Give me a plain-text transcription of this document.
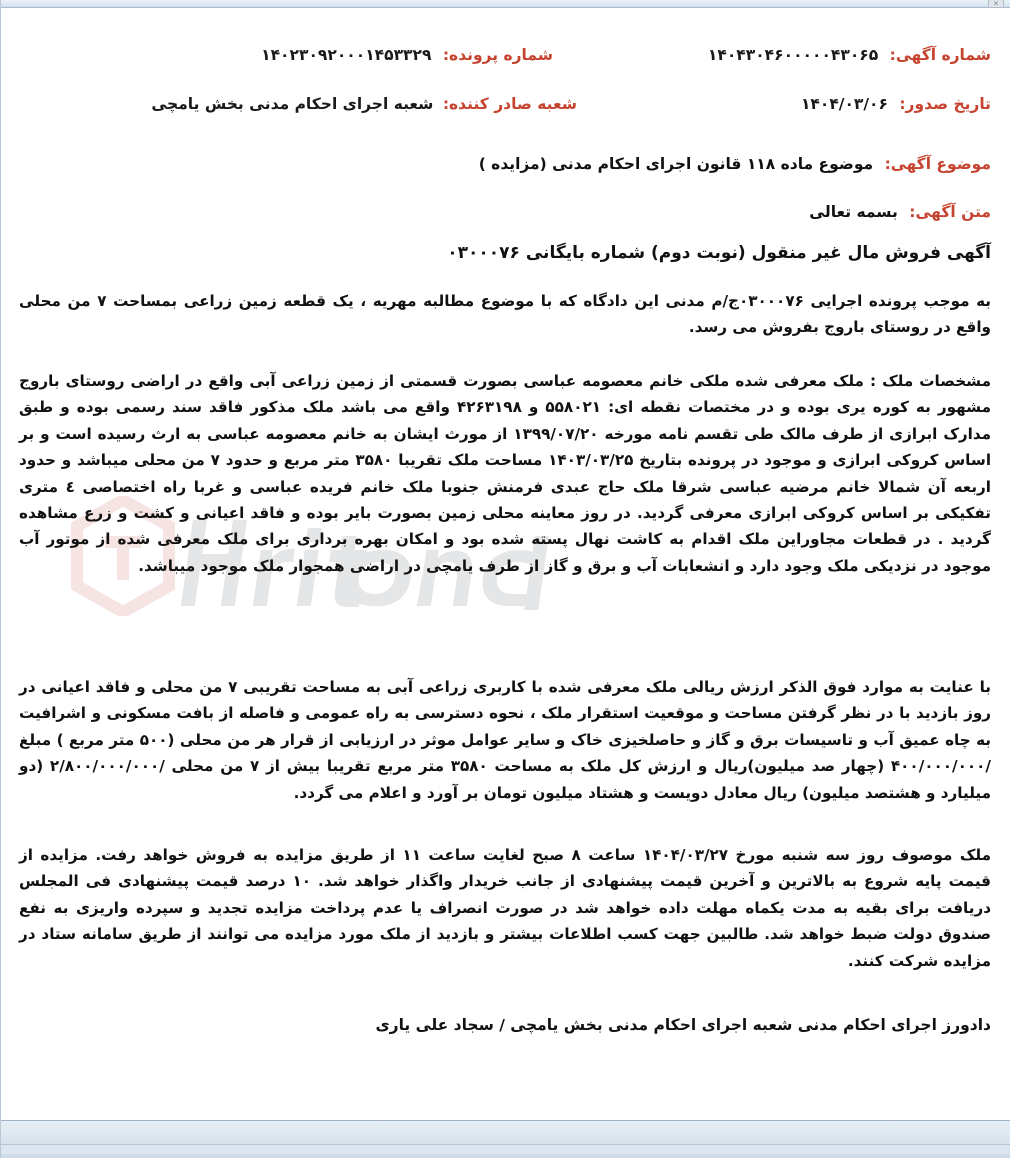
✕
شماره آگهی: ۱۴۰۴۳۰۴۶۰۰۰۰۰۴۳۰۶۵
شماره پرونده: ۱۴۰۲۳۰۹۲۰۰۰۱۴۵۳۳۲۹
تاریخ صدور: ۱۴۰۴/۰۳/۰۶
شعبه صادر کننده: شعبه اجرای احکام مدنی بخش یامچی
موضوع آگهی: موضوع ماده ۱۱۸ قانون اجرای احکام مدنی (مزایده )
متن آگهی: بسمه تعالی
آگهی فروش مال غیر منقول (نوبت دوم) شماره بایگانی ۰۳۰۰۰۷۶

به موجب پرونده اجرایی ۰۳۰۰۰۷۶ج/م مدنی این دادگاه که با موضوع مطالبه مهریه ، یک قطعه زمین زراعی بمساحت ۷ من محلی واقع در روستای باروج بفروش می رسد.

مشخصات ملک : ملک معرفی شده ملکی خانم معصومه عباسی بصورت قسمتی از زمین زراعی آبی واقع در اراضی روستای باروج مشهور به کوره یری بوده و در مختصات نقطه ای: ۵۵۸۰۲۱ و ۴۲۶۳۱۹۸ واقع می باشد ملک مذکور فاقد سند رسمی بوده و طبق مدارک ابرازی از طرف مالک طی تقسم نامه مورخه ۱۳۹۹/۰۷/۲۰ از مورث ایشان به خانم معصومه عباسی به ارث رسیده است و بر اساس کروکی ابرازی و موجود در پرونده بتاریخ ۱۴۰۳/۰۳/۲۵ مساحت ملک تقریبا ۳۵۸۰ متر مربع و حدود ۷ من محلی میباشد و حدود اربعه آن شمالا خانم مرضیه عباسی شرقا ملک حاج عبدی فرمنش جنوبا ملک خانم فریده عباسی و غربا راه اختصاصی ٤ متری تفکیکی بر اساس کروکی ابرازی معرفی گردید. در روز معاینه محلی زمین بصورت بایر بوده و فاقد اعیانی و کشت و زرع مشاهده گردید . در قطعات مجاوراین ملک اقدام به کاشت نهال پسته شده بود و امکان بهره برداری برای ملک معرفی شده از موتور آب موجود در نزدیکی ملک وجود دارد و انشعابات آب و برق و گاز از طرف یامچی در اراضی همجوار ملک موجود میباشد.

با عنایت به موارد فوق الذکر ارزش ریالی ملک معرفی شده با کاربری زراعی آبی به مساحت تقریبی ۷ من محلی و فاقد اعیانی در روز بازدید با در نظر گرفتن مساحت و موقعیت استقرار ملک ، نحوه دسترسی به راه عمومی و فاصله از بافت مسکونی و اشرافیت به چاه عمیق آب و تاسیسات برق و گاز و حاصلخیزی خاک و سایر عوامل موثر در ارزیابی از قرار هر من محلی (۵۰۰ متر مربع ) مبلغ /۴۰۰/۰۰۰/۰۰۰ (چهار صد میلیون)ریال و ارزش کل ملک به مساحت ۳۵۸۰ متر مربع تقریبا بیش از ۷ من محلی /۲/۸۰۰/۰۰۰/۰۰۰ (دو میلیارد و هشتصد میلیون) ریال معادل دویست و هشتاد میلیون تومان بر آورد و اعلام می گردد.

ملک موصوف روز سه شنبه مورخ ۱۴۰۴/۰۳/۲۷ ساعت ۸ صبح لغایت ساعت ۱۱ از طریق مزایده به فروش خواهد رفت. مزایده از قیمت پایه شروع به بالاترین و آخرین قیمت پیشنهادی از جانب خریدار واگذار خواهد شد. ۱۰ درصد قیمت پیشنهادی فی المجلس دریافت برای بقیه به مدت یکماه مهلت داده خواهد شد در صورت انصراف یا عدم پرداخت مزایده تجدید و سپرده واریزی به نفع صندوق دولت ضبط خواهد شد. طالبین جهت کسب اطلاعات بیشتر و بازدید از ملک مورد مزایده می توانند از طریق سامانه ستاد در مزایده شرکت کنند.

دادورز اجرای احکام مدنی شعبه اجرای احکام مدنی بخش یامچی / سجاد علی یاری
